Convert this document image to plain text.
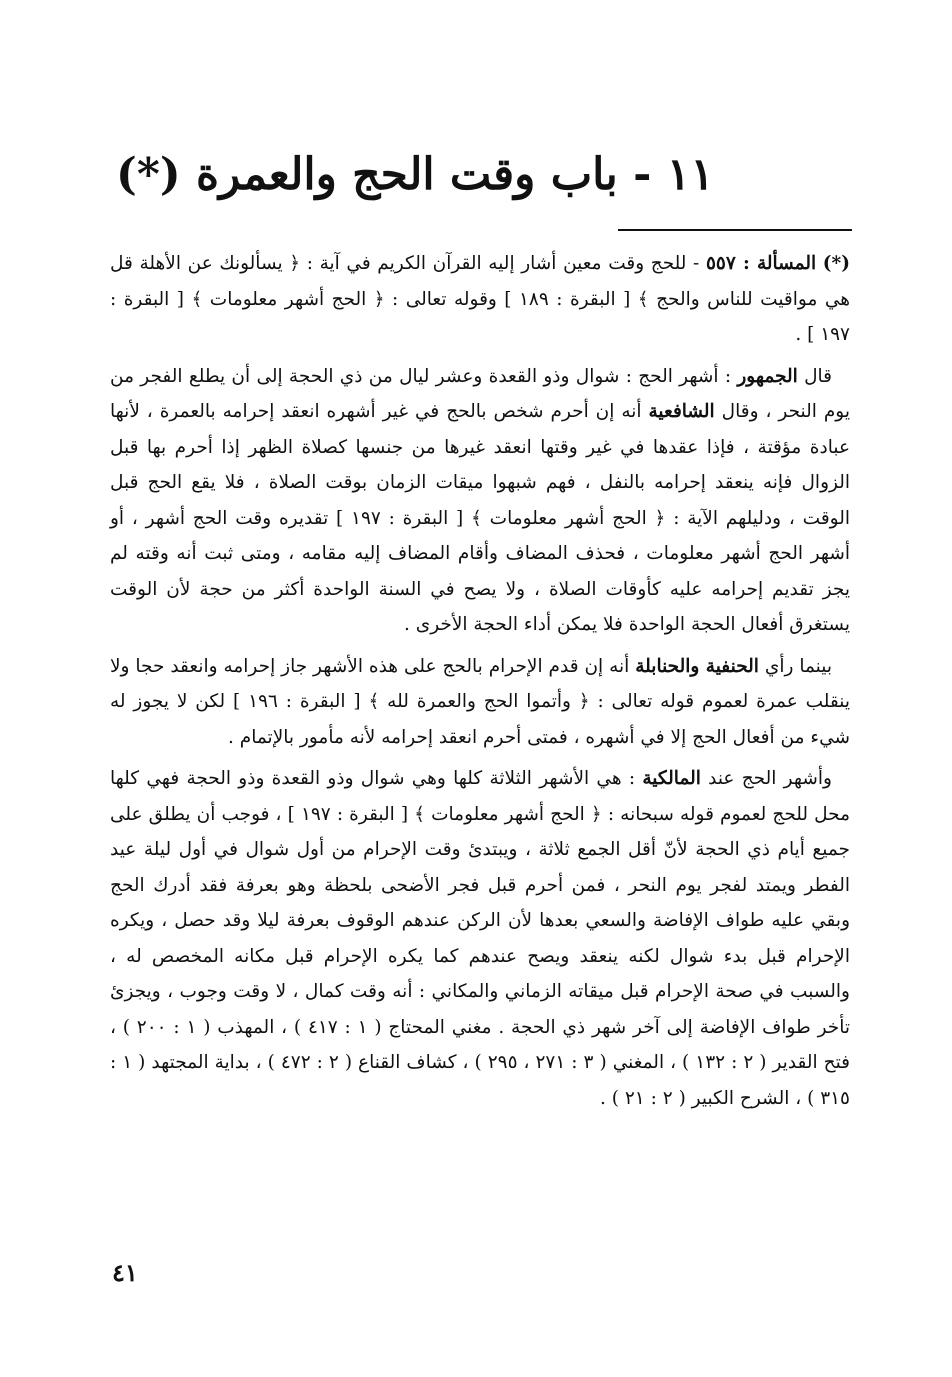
١١ - باب وقت الحج والعمرة (*)

(*) المسألة : ٥٥٧ - للحج وقت معين أشار إليه القرآن الكريم في آية : ﴿ يسألونك عن الأهلة قل هي مواقيت للناس والحج ﴾ [ البقرة : ١٨٩ ] وقوله تعالى : ﴿ الحج أشهر معلومات ﴾ [ البقرة : ١٩٧ ] .

قال الجمهور : أشهر الحج : شوال وذو القعدة وعشر ليال من ذي الحجة إلى أن يطلع الفجر من يوم النحر ، وقال الشافعية أنه إن أحرم شخص بالحج في غير أشهره انعقد إحرامه بالعمرة ، لأنها عبادة مؤقتة ، فإذا عقدها في غير وقتها انعقد غيرها من جنسها كصلاة الظهر إذا أحرم بها قبل الزوال فإنه ينعقد إحرامه بالنفل ، فهم شبهوا ميقات الزمان بوقت الصلاة ، فلا يقع الحج قبل الوقت ، ودليلهم الآية : ﴿ الحج أشهر معلومات ﴾ [ البقرة : ١٩٧ ] تقديره وقت الحج أشهر ، أو أشهر الحج أشهر معلومات ، فحذف المضاف وأقام المضاف إليه مقامه ، ومتى ثبت أنه وقته لم يجز تقديم إحرامه عليه كأوقات الصلاة ، ولا يصح في السنة الواحدة أكثر من حجة لأن الوقت يستغرق أفعال الحجة الواحدة فلا يمكن أداء الحجة الأخرى .

بينما رأي الحنفية والحنابلة أنه إن قدم الإحرام بالحج على هذه الأشهر جاز إحرامه وانعقد حجا ولا ينقلب عمرة لعموم قوله تعالى : ﴿ وأتموا الحج والعمرة لله ﴾ [ البقرة : ١٩٦ ] لكن لا يجوز له شيء من أفعال الحج إلا في أشهره ، فمتى أحرم انعقد إحرامه لأنه مأمور بالإتمام .

وأشهر الحج عند المالكية : هي الأشهر الثلاثة كلها وهي شوال وذو القعدة وذو الحجة فهي كلها محل للحج لعموم قوله سبحانه : ﴿ الحج أشهر معلومات ﴾ [ البقرة : ١٩٧ ] ، فوجب أن يطلق على جميع أيام ذي الحجة لأنّ أقل الجمع ثلاثة ، ويبتدئ وقت الإحرام من أول شوال في أول ليلة عيد الفطر ويمتد لفجر يوم النحر ، فمن أحرم قبل فجر الأضحى بلحظة وهو بعرفة فقد أدرك الحج وبقي عليه طواف الإفاضة والسعي بعدها لأن الركن عندهم الوقوف بعرفة ليلا وقد حصل ، ويكره الإحرام قبل بدء شوال لكنه ينعقد ويصح عندهم كما يكره الإحرام قبل مكانه المخصص له ، والسبب في صحة الإحرام قبل ميقاته الزماني والمكاني : أنه وقت كمال ، لا وقت وجوب ، ويجزئ تأخر طواف الإفاضة إلى آخر شهر ذي الحجة . مغني المحتاج ( ١ : ٤١٧ ) ، المهذب ( ١ : ٢٠٠ ) ، فتح القدير ( ٢ : ١٣٢ ) ، المغني ( ٣ : ٢٧١ ، ٢٩٥ ) ، كشاف القناع ( ٢ : ٤٧٢ ) ، بداية المجتهد ( ١ : ٣١٥ ) ، الشرح الكبير ( ٢ : ٢١ ) .

٤١
